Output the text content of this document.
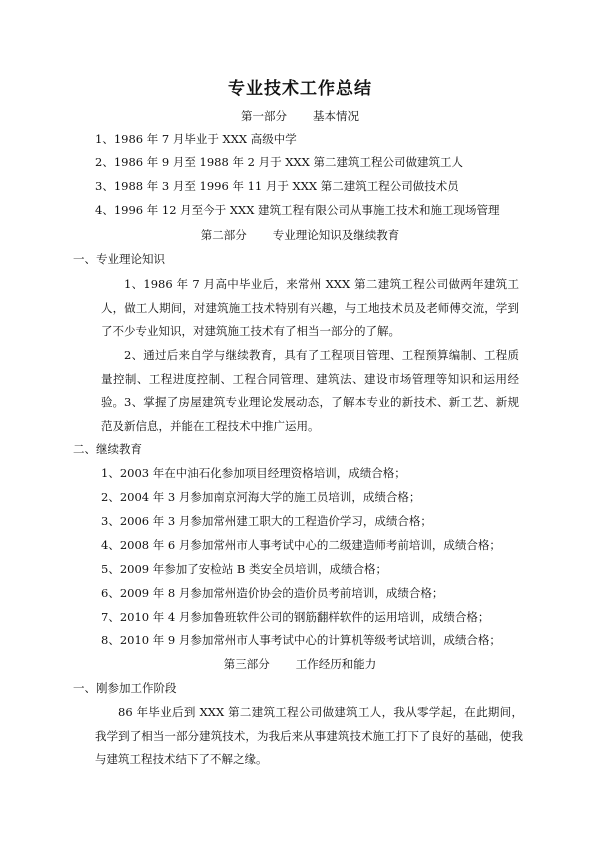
专业技术工作总结
第一部分 基本情况
1、1986 年 7 月毕业于 XXX 高级中学
2、1986 年 9 月至 1988 年 2 月于 XXX 第二建筑工程公司做建筑工人
3、1988 年 3 月至 1996 年 11 月于 XXX 第二建筑工程公司做技术员
4、1996 年 12 月至今于 XXX 建筑工程有限公司从事施工技术和施工现场管理
第二部分 专业理论知识及继续教育
一、专业理论知识
1、1986 年 7 月高中毕业后，来常州 XXX 第二建筑工程公司做两年建筑工人，做工人期间，对建筑施工技术特别有兴趣，与工地技术员及老师傅交流，学到了不少专业知识，对建筑施工技术有了相当一部分的了解。
2、通过后来自学与继续教育，具有了工程项目管理、工程预算编制、工程质量控制、工程进度控制、工程合同管理、建筑法、建设市场管理等知识和运用经验。 3、掌握了房屋建筑专业理论发展动态，了解本专业的新技术、新工艺、新规范及新信息，并能在工程技术中推广运用。
二、继续教育
1、2003 年在中油石化参加项目经理资格培训，成绩合格；
2、2004 年 3 月参加南京河海大学的施工员培训，成绩合格；
3、2006 年 3 月参加常州建工职大的工程造价学习，成绩合格；
4、2008 年 6 月参加常州市人事考试中心的二级建造师考前培训，成绩合格；
5、2009 年参加了安检站 B 类安全员培训，成绩合格；
6、2009 年 8 月参加常州造价协会的造价员考前培训，成绩合格；
7、2010 年 4 月参加鲁班软件公司的钢筋翻样软件的运用培训，成绩合格；
8、2010 年 9 月参加常州市人事考试中心的计算机等级考试培训，成绩合格；
第三部分 工作经历和能力
一、刚参加工作阶段
86 年毕业后到 XXX 第二建筑工程公司做建筑工人，我从零学起，在此期间，我学到了相当一部分建筑技术，为我后来从事建筑技术施工打下了良好的基础，使我与建筑工程技术结下了不解之缘。
